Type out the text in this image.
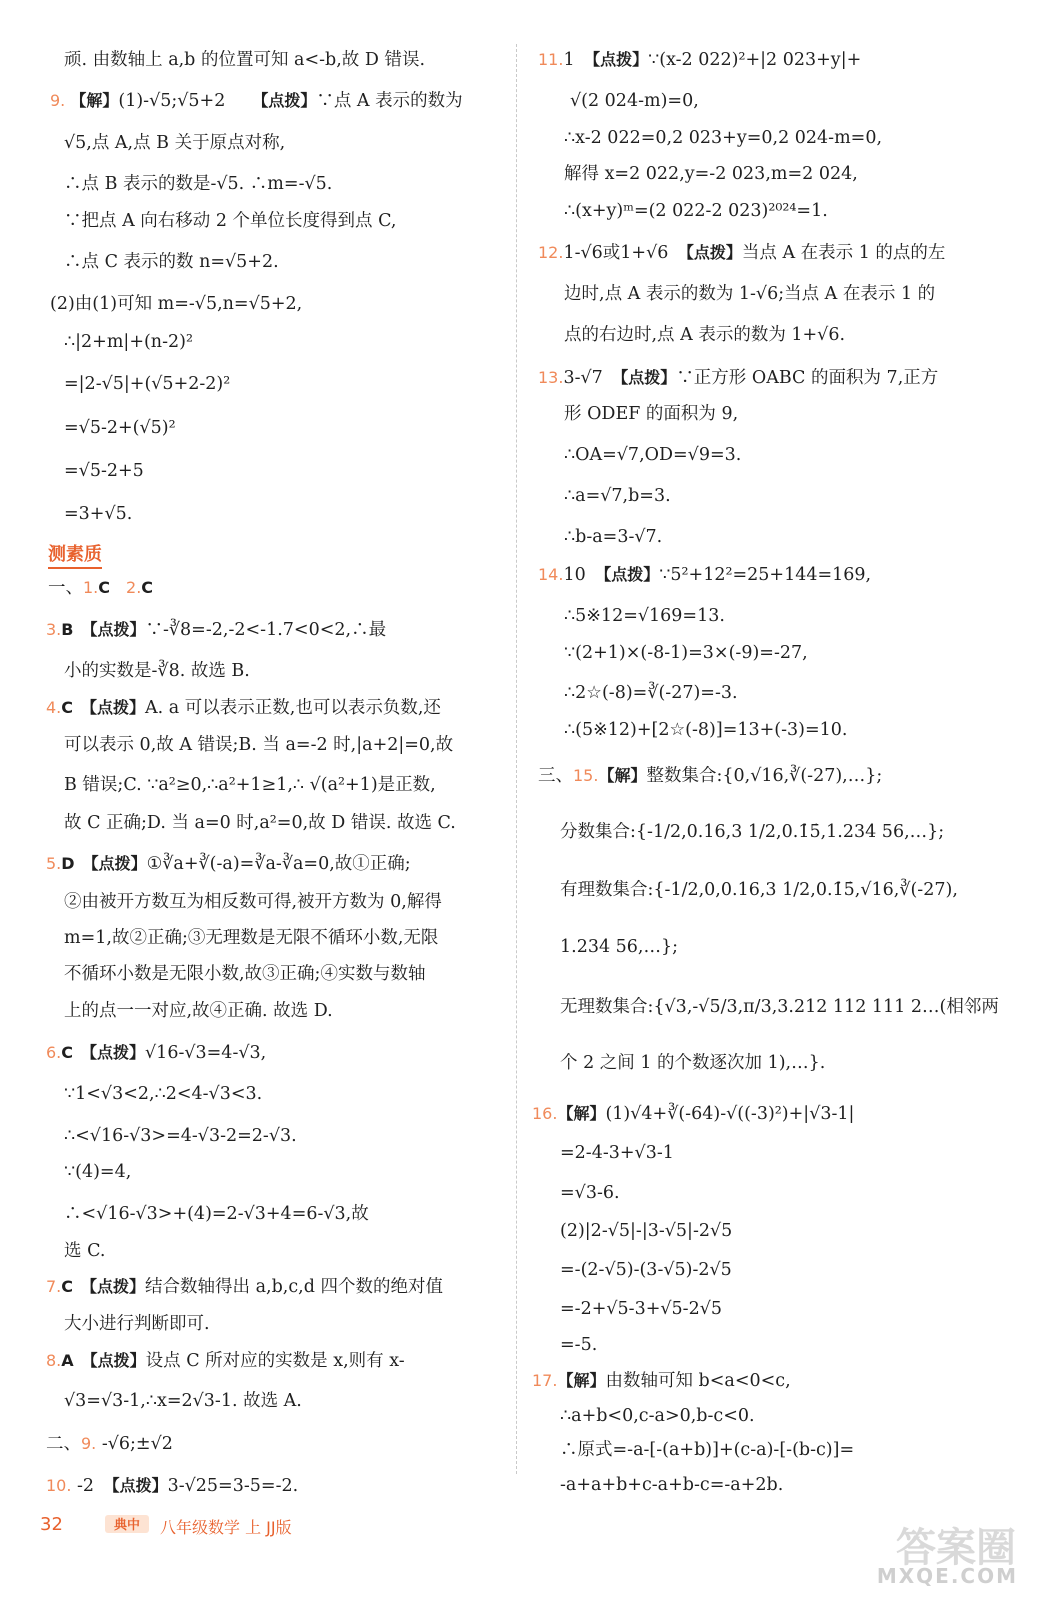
顽. 由数轴上 a,b 的位置可知 a<-b,故 D 错误.
9. 【解】(1)-√5;√5+2　　【点拨】∵点 A 表示的数为
√5,点 A,点 B 关于原点对称,
∴点 B 表示的数是-√5. ∴m=-√5.
∵把点 A 向右移动 2 个单位长度得到点 C,
∴点 C 表示的数 n=√5+2.
(2)由(1)可知 m=-√5,n=√5+2,
∴|2+m|+(n-2)²
=|2-√5|+(√5+2-2)²
=√5-2+(√5)²
=√5-2+5
=3+√5.
一、1.C　2.C
3.B　【点拨】∵-∛8=-2,-2<-1.7<0<2,∴最
小的实数是-∛8. 故选 B.
4.C　【点拨】A. a 可以表示正数,也可以表示负数,还
可以表示 0,故 A 错误;B. 当 a=-2 时,|a+2|=0,故
B 错误;C. ∵a²≥0,∴a²+1≥1,∴ √(a²+1)是正数,
故 C 正确;D. 当 a=0 时,a²=0,故 D 错误. 故选 C.
5.D　【点拨】①∛a+∛(-a)=∛a-∛a=0,故①正确;
②由被开方数互为相反数可得,被开方数为 0,解得
m=1,故②正确;③无理数是无限不循环小数,无限
不循环小数是无限小数,故③正确;④实数与数轴
上的点一一对应,故④正确. 故选 D.
6.C　【点拨】√16-√3=4-√3,
∵1<√3<2,∴2<4-√3<3.
∴<√16-√3>=4-√3-2=2-√3.
∵(4)=4,
∴<√16-√3>+(4)=2-√3+4=6-√3,故
选 C.
7.C　【点拨】结合数轴得出 a,b,c,d 四个数的绝对值
大小进行判断即可.
8.A　【点拨】设点 C 所对应的实数是 x,则有 x-
√3=√3-1,∴x=2√3-1. 故选 A.
二、9. -√6;±√2
10. -2　【点拨】3-√25=3-5=-2.
测素质
11.1　【点拨】∵(x-2 022)²+|2 023+y|+
√(2 024-m)=0,
∴x-2 022=0,2 023+y=0,2 024-m=0,
解得 x=2 022,y=-2 023,m=2 024,
∴(x+y)ᵐ=(2 022-2 023)²⁰²⁴=1.
12.1-√6或1+√6　【点拨】当点 A 在表示 1 的点的左
边时,点 A 表示的数为 1-√6;当点 A 在表示 1 的
点的右边时,点 A 表示的数为 1+√6.
13.3-√7　【点拨】∵正方形 OABC 的面积为 7,正方
形 ODEF 的面积为 9,
∴OA=√7,OD=√9=3.
∴a=√7,b=3.
∴b-a=3-√7.
14.10　【点拨】∵5²+12²=25+144=169,
∴5※12=√169=13.
∵(2+1)×(-8-1)=3×(-9)=-27,
∴2☆(-8)=∛(-27)=-3.
∴(5※12)+[2☆(-8)]=13+(-3)=10.
三、15.【解】整数集合:{0,√16,∛(-27),…};
分数集合:{-1/2,0.16,3 1/2,0.1̇5̇,1.234 56,…};
有理数集合:{-1/2,0,0.16,3 1/2,0.1̇5̇,√16,∛(-27),
1.234 56,…};
无理数集合:{√3,-√5/3,π/3,3.212 112 111 2…(相邻两
个 2 之间 1 的个数逐次加 1),…}.
16.【解】(1)√4+∛(-64)-√((-3)²)+|√3-1|
=2-4-3+√3-1
=√3-6.
(2)|2-√5|-|3-√5|-2√5
=-(2-√5)-(3-√5)-2√5
=-2+√5-3+√5-2√5
=-5.
17.【解】由数轴可知 b<a<0<c,
∴a+b<0,c-a>0,b-c<0.
∴原式=-a-[-(a+b)]+(c-a)-[-(b-c)]=
-a+a+b+c-a+b-c=-a+2b.
32	典中 八年级数学 上 JJ版	答案圈
MXQE.COM
